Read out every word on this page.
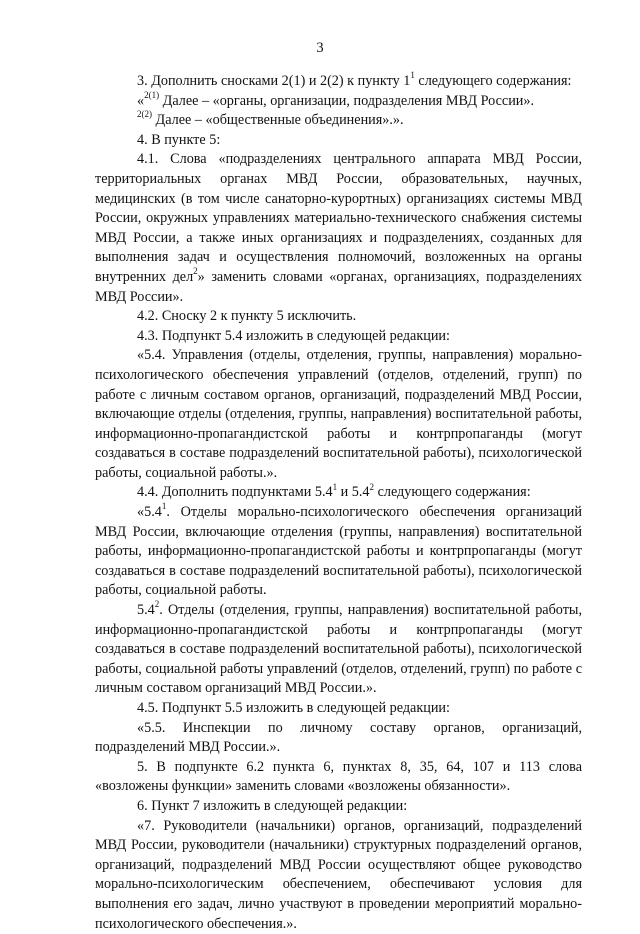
3

3. Дополнить сносками 2(1) и 2(2) к пункту $1^1$ следующего содержания:

«$^{2(1)}$ Далее – «органы, организации, подразделения МВД России».

$^{2(2)}$ Далее – «общественные объединения».».

4. В пункте 5:

4.1. Слова «подразделениях центрального аппарата МВД России, территориальных органах МВД России, образовательных, научных, медицинских (в том числе санаторно-курортных) организациях системы МВД России, окружных управлениях материально-технического снабжения системы МВД России, а также иных организациях и подразделениях, созданных для выполнения задач и осуществления полномочий, возложенных на органы внутренних дел$^2$» заменить словами «органах, организациях, подразделениях МВД России».

4.2. Сноску 2 к пункту 5 исключить.

4.3. Подпункт 5.4 изложить в следующей редакции:

«5.4. Управления (отделы, отделения, группы, направления) морально-психологического обеспечения управлений (отделов, отделений, групп) по работе с личным составом органов, организаций, подразделений МВД России, включающие отделы (отделения, группы, направления) воспитательной работы, информационно-пропагандистской работы и контрпропаганды (могут создаваться в составе подразделений воспитательной работы), психологической работы, социальной работы.».

4.4. Дополнить подпунктами $5.4^1$ и $5.4^2$ следующего содержания:

«$5.4^1$. Отделы морально-психологического обеспечения организаций МВД России, включающие отделения (группы, направления) воспитательной работы, информационно-пропагандистской работы и контрпропаганды (могут создаваться в составе подразделений воспитательной работы), психологической работы, социальной работы.

$5.4^2$. Отделы (отделения, группы, направления) воспитательной работы, информационно-пропагандистской работы и контрпропаганды (могут создаваться в составе подразделений воспитательной работы), психологической работы, социальной работы управлений (отделов, отделений, групп) по работе с личным составом организаций МВД России.».

4.5. Подпункт 5.5 изложить в следующей редакции:

«5.5. Инспекции по личному составу органов, организаций, подразделений МВД России.».

5. В подпункте 6.2 пункта 6, пунктах 8, 35, 64, 107 и 113 слова «возложены функции» заменить словами «возложены обязанности».

6. Пункт 7 изложить в следующей редакции:

«7. Руководители (начальники) органов, организаций, подразделений МВД России, руководители (начальники) структурных подразделений органов, организаций, подразделений МВД России осуществляют общее руководство морально-психологическим обеспечением, обеспечивают условия для выполнения его задач, лично участвуют в проведении мероприятий морально-психологического обеспечения.».
